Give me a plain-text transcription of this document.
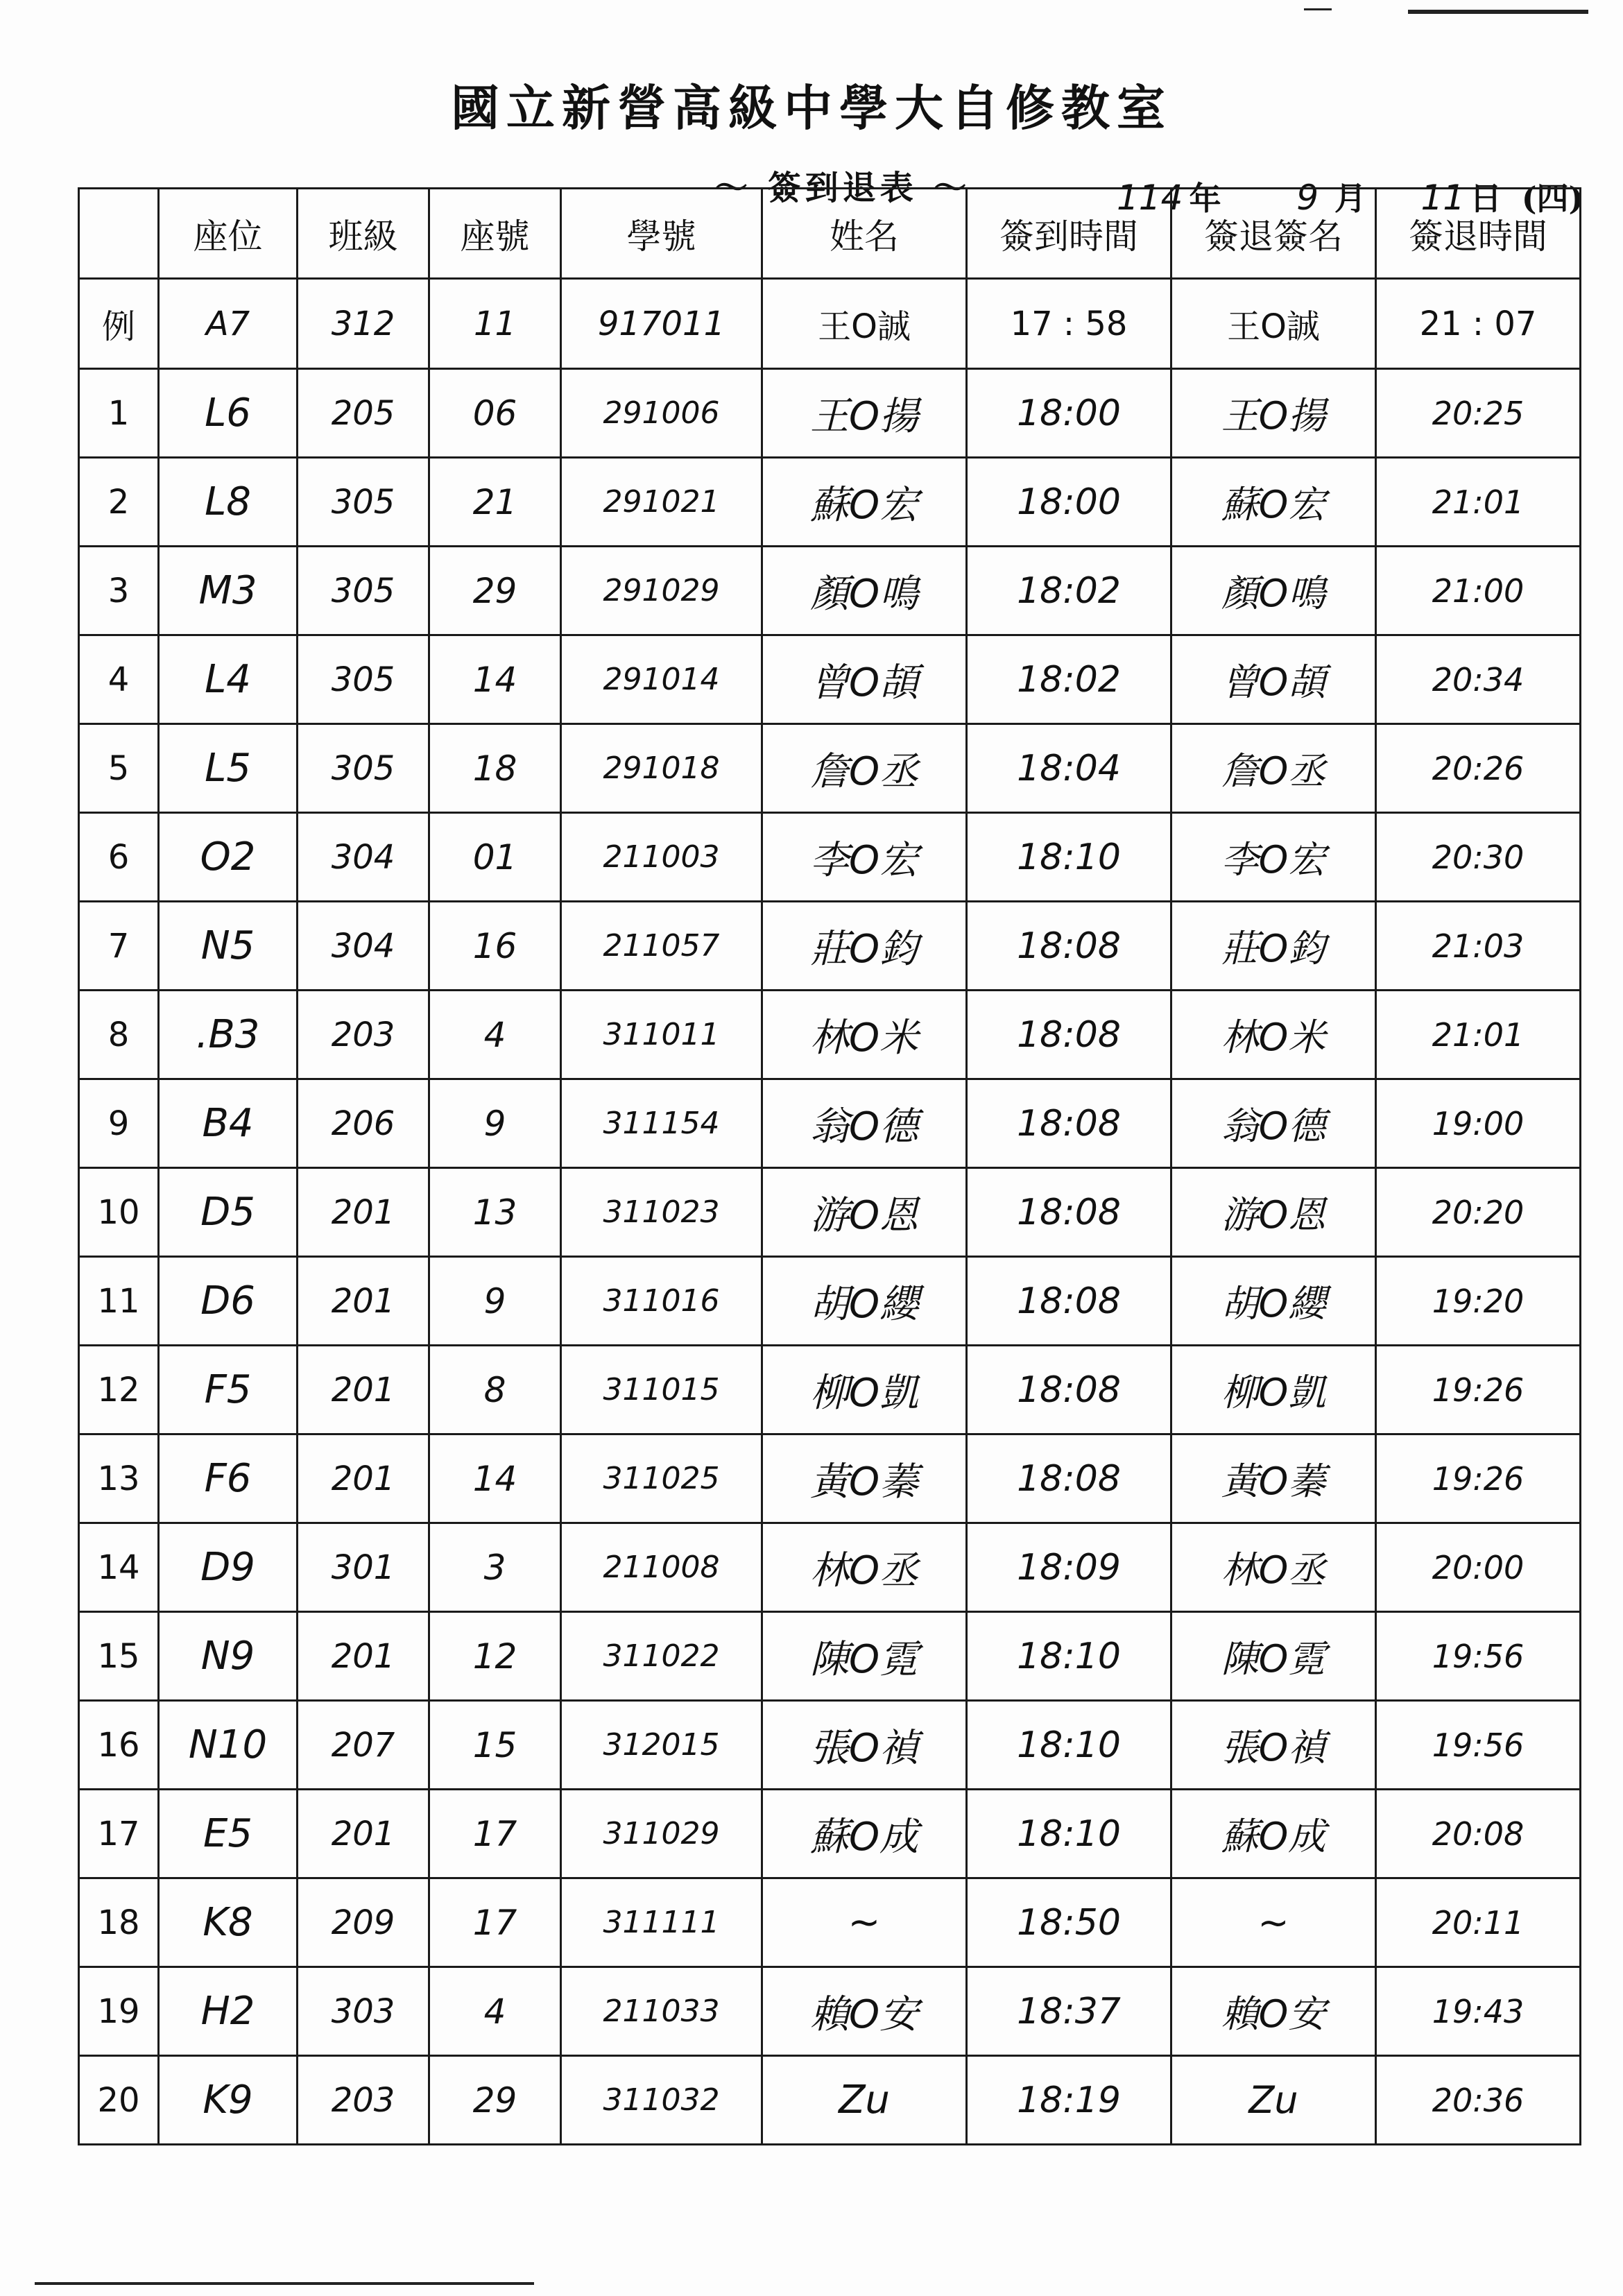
國立新營高級中學大自修教室
〜 簽到退表 〜	114 年 9 月 11 日 (四)
	座位	班級	座號	學號	姓名	簽到時間	簽退簽名	簽退時間
例	A7	312	11	917011	王O誠	17 : 58	王O誠	21 : 07
1	L6	205	06	291006	王O揚	18:00	王O揚	20:25
2	L8	305	21	291021	蘇O宏	18:00	蘇O宏	21:01
3	M3	305	29	291029	顏O鳴	18:02	顏O鳴	21:00
4	L4	305	14	291014	曾O頡	18:02	曾O頡	20:34
5	L5	305	18	291018	詹O丞	18:04	詹O丞	20:26
6	O2	304	01	211003	李O宏	18:10	李O宏	20:30
7	N5	304	16	211057	莊O鈞	18:08	莊O鈞	21:03
8	.B3	203	4	311011	林O米	18:08	林O米	21:01
9	B4	206	9	311154	翁O德	18:08	翁O德	19:00
10	D5	201	13	311023	游O恩	18:08	游O恩	20:20
11	D6	201	9	311016	胡O纓	18:08	胡O纓	19:20
12	F5	201	8	311015	柳O凱	18:08	柳O凱	19:26
13	F6	201	14	311025	黃O蓁	18:08	黃O蓁	19:26
14	D9	301	3	211008	林O丞	18:09	林O丞	20:00
15	N9	201	12	311022	陳O霓	18:10	陳O霓	19:56
16	N10	207	15	312015	張O禎	18:10	張O禎	19:56
17	E5	201	17	311029	蘇O成	18:10	蘇O成	20:08
18	K8	209	17	311111	∼	18:50	∼	20:11
19	H2	303	4	211033	賴O安	18:37	賴O安	19:43
20	K9	203	29	311032	Zu	18:19	Zu	20:36
